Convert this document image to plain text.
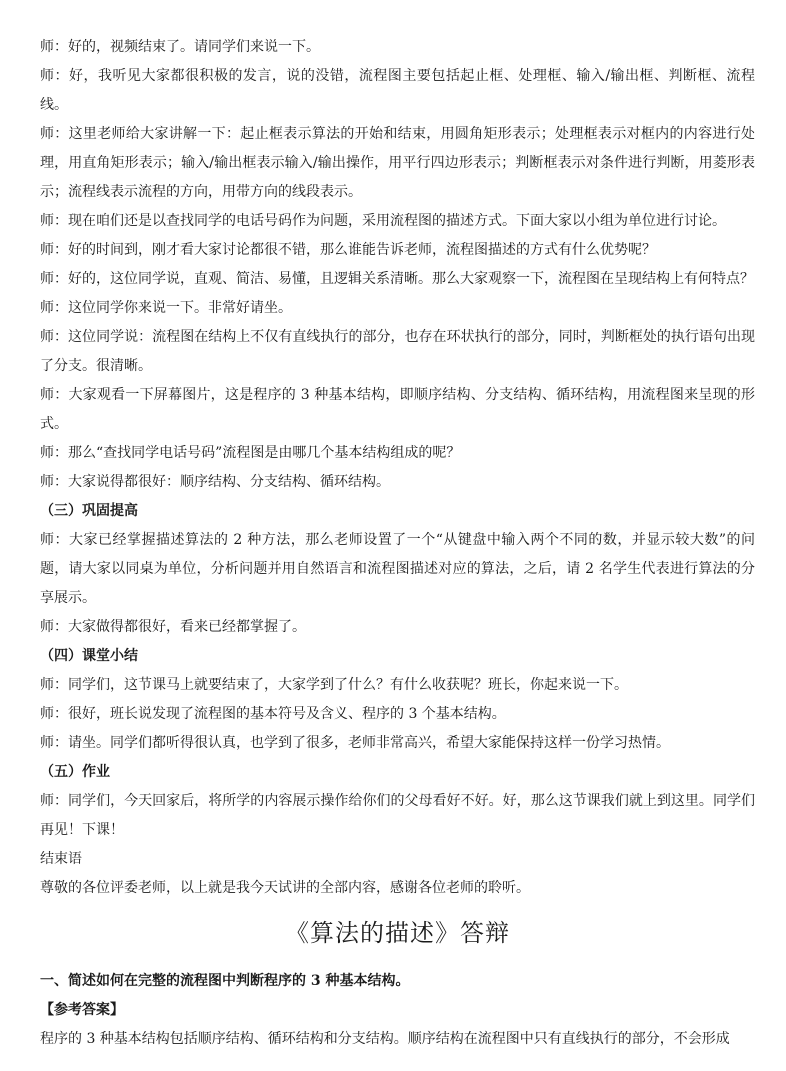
师：好的，视频结束了。请同学们来说一下。

师：好，我听见大家都很积极的发言，说的没错，流程图主要包括起止框、处理框、输入/输出框、判断框、流程线。

师：这里老师给大家讲解一下：起止框表示算法的开始和结束，用圆角矩形表示；处理框表示对框内的内容进行处理，用直角矩形表示；输入/输出框表示输入/输出操作，用平行四边形表示；判断框表示对条件进行判断，用菱形表示；流程线表示流程的方向，用带方向的线段表示。

师：现在咱们还是以查找同学的电话号码作为问题，采用流程图的描述方式。下面大家以小组为单位进行讨论。

师：好的时间到，刚才看大家讨论都很不错，那么谁能告诉老师，流程图描述的方式有什么优势呢？

师：好的，这位同学说，直观、简洁、易懂，且逻辑关系清晰。那么大家观察一下，流程图在呈现结构上有何特点？

师：这位同学你来说一下。非常好请坐。

师：这位同学说：流程图在结构上不仅有直线执行的部分，也存在环状执行的部分，同时，判断框处的执行语句出现了分支。很清晰。

师：大家观看一下屏幕图片，这是程序的 3 种基本结构，即顺序结构、分支结构、循环结构，用流程图来呈现的形式。

师：那么“查找同学电话号码”流程图是由哪几个基本结构组成的呢？

师：大家说得都很好：顺序结构、分支结构、循环结构。

（三）巩固提高

师：大家已经掌握描述算法的 2 种方法，那么老师设置了一个“从键盘中输入两个不同的数，并显示较大数”的问题，请大家以同桌为单位，分析问题并用自然语言和流程图描述对应的算法，之后，请 2 名学生代表进行算法的分享展示。

师：大家做得都很好，看来已经都掌握了。

（四）课堂小结

师：同学们，这节课马上就要结束了，大家学到了什么？有什么收获呢？班长，你起来说一下。

师：很好，班长说发现了流程图的基本符号及含义、程序的 3 个基本结构。

师：请坐。同学们都听得很认真，也学到了很多，老师非常高兴，希望大家能保持这样一份学习热情。

（五）作业

师：同学们，今天回家后，将所学的内容展示操作给你们的父母看好不好。好，那么这节课我们就上到这里。同学们再见！下课！

结束语

尊敬的各位评委老师，以上就是我今天试讲的全部内容，感谢各位老师的聆听。

《算法的描述》答辩

一、简述如何在完整的流程图中判断程序的 3 种基本结构。

【参考答案】

程序的 3 种基本结构包括顺序结构、循环结构和分支结构。顺序结构在流程图中只有直线执行的部分，不会形成
